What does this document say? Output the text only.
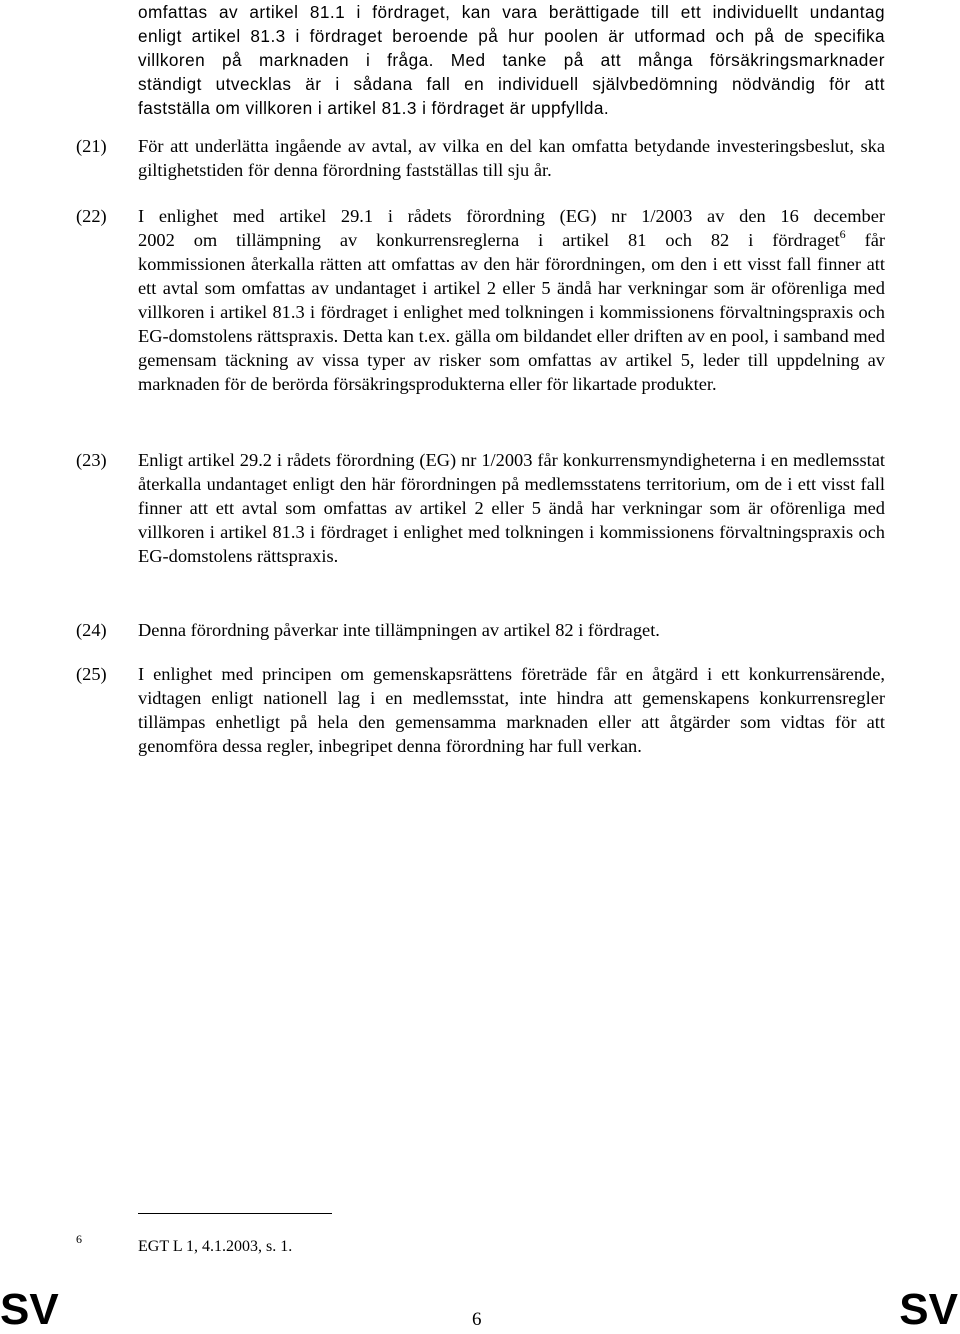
omfattas av artikel 81.1 i fördraget, kan vara berättigade till ett individuellt undantag
enligt artikel 81.3 i fördraget beroende på hur poolen är utformad och på de specifika
villkoren på marknaden i fråga. Med tanke på att många försäkringsmarknader
ständigt utvecklas är i sådana fall en individuell självbedömning nödvändig för att
fastställa om villkoren i artikel 81.3 i fördraget är uppfyllda.
(21) För att underlätta ingående av avtal, av vilka en del kan omfatta betydande investeringsbeslut, ska giltighetstiden för denna förordning fastställas till sju år.

(22) I enlighet med artikel 29.1 i rådets förordning (EG) nr 1/2003 av den 16 december
2002 om tillämpning av konkurrensreglerna i artikel 81 och 82 i fördraget$^6$ får
kommissionen återkalla rätten att omfattas av den här förordningen, om den i ett visst fall finner att ett avtal som omfattas av undantaget i artikel 2 eller 5 ändå har verkningar som är oförenliga med villkoren i artikel 81.3 i fördraget i enlighet med tolkningen i kommissionens förvaltningspraxis och EG-domstolens rättspraxis. Detta kan t.ex. gälla om bildandet eller driften av en pool, i samband med gemensam täckning av vissa typer av risker som omfattas av artikel 5, leder till uppdelning av marknaden för de berörda försäkringsprodukterna eller för likartade produkter.
(23) Enligt artikel 29.2 i rådets förordning (EG) nr 1/2003 får konkurrensmyndigheterna i en medlemsstat återkalla undantaget enligt den här förordningen på medlemsstatens territorium, om de i ett visst fall finner att ett avtal som omfattas av artikel 2 eller 5 ändå har verkningar som är oförenliga med villkoren i artikel 81.3 i fördraget i enlighet med tolkningen i kommissionens förvaltningspraxis och EG-domstolens rättspraxis.

(24) Denna förordning påverkar inte tillämpningen av artikel 82 i fördraget.

(25) I enlighet med principen om gemenskapsrättens företräde får en åtgärd i ett konkurrensärende, vidtagen enligt nationell lag i en medlemsstat, inte hindra att gemenskapens konkurrensregler tillämpas enhetligt på hela den gemensamma marknaden eller att åtgärder som vidtas för att genomföra dessa regler, inbegripet denna förordning har full verkan.

6	EGT L 1, 4.1.2003, s. 1.
SV	6	SV
